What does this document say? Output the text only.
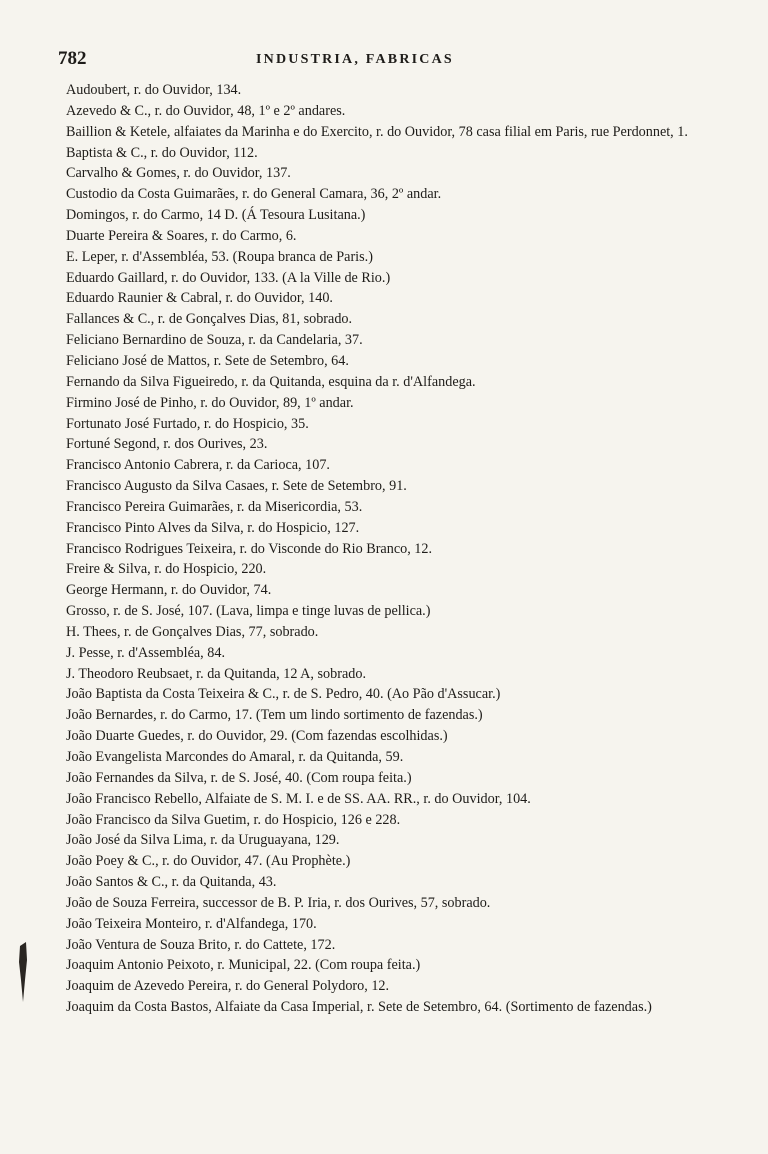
782	INDUSTRIA, FABRICAS
Audoubert, r. do Ouvidor, 134.
Azevedo & C., r. do Ouvidor, 48, 1º e 2º andares.
Baillion & Ketele, alfaiates da Marinha e do Exercito, r. do Ouvidor, 78 casa filial em Paris, rue Perdonnet, 1.
Baptista & C., r. do Ouvidor, 112.
Carvalho & Gomes, r. do Ouvidor, 137.
Custodio da Costa Guimarães, r. do General Camara, 36, 2º andar.
Domingos, r. do Carmo, 14 D. (Á Tesoura Lusitana.)
Duarte Pereira & Soares, r. do Carmo, 6.
E. Leper, r. d'Assembléa, 53. (Roupa branca de Paris.)
Eduardo Gaillard, r. do Ouvidor, 133. (A la Ville de Rio.)
Eduardo Raunier & Cabral, r. do Ouvidor, 140.
Fallances & C., r. de Gonçalves Dias, 81, sobrado.
Feliciano Bernardino de Souza, r. da Candelaria, 37.
Feliciano José de Mattos, r. Sete de Setembro, 64.
Fernando da Silva Figueiredo, r. da Quitanda, esquina da r. d'Alfandega.
Firmino José de Pinho, r. do Ouvidor, 89, 1º andar.
Fortunato José Furtado, r. do Hospicio, 35.
Fortuné Segond, r. dos Ourives, 23.
Francisco Antonio Cabrera, r. da Carioca, 107.
Francisco Augusto da Silva Casaes, r. Sete de Setembro, 91.
Francisco Pereira Guimarães, r. da Misericordia, 53.
Francisco Pinto Alves da Silva, r. do Hospicio, 127.
Francisco Rodrigues Teixeira, r. do Visconde do Rio Branco, 12.
Freire & Silva, r. do Hospicio, 220.
George Hermann, r. do Ouvidor, 74.
Grosso, r. de S. José, 107. (Lava, limpa e tinge luvas de pellica.)
H. Thees, r. de Gonçalves Dias, 77, sobrado.
J. Pesse, r. d'Assembléa, 84.
J. Theodoro Reubsaet, r. da Quitanda, 12 A, sobrado.
João Baptista da Costa Teixeira & C., r. de S. Pedro, 40. (Ao Pão d'Assucar.)
João Bernardes, r. do Carmo, 17. (Tem um lindo sortimento de fazendas.)
João Duarte Guedes, r. do Ouvidor, 29. (Com fazendas escolhidas.)
João Evangelista Marcondes do Amaral, r. da Quitanda, 59.
João Fernandes da Silva, r. de S. José, 40. (Com roupa feita.)
João Francisco Rebello, Alfaiate de S. M. I. e de SS. AA. RR., r. do Ouvidor, 104.
João Francisco da Silva Guetim, r. do Hospicio, 126 e 228.
João José da Silva Lima, r. da Uruguayana, 129.
João Poey & C., r. do Ouvidor, 47. (Au Prophète.)
João Santos & C., r. da Quitanda, 43.
João de Souza Ferreira, successor de B. P. Iria, r. dos Ourives, 57, sobrado.
João Teixeira Monteiro, r. d'Alfandega, 170.
João Ventura de Souza Brito, r. do Cattete, 172.
Joaquim Antonio Peixoto, r. Municipal, 22. (Com roupa feita.)
Joaquim de Azevedo Pereira, r. do General Polydoro, 12.
Joaquim da Costa Bastos, Alfaiate da Casa Imperial, r. Sete de Setembro, 64. (Sortimento de fazendas.)
